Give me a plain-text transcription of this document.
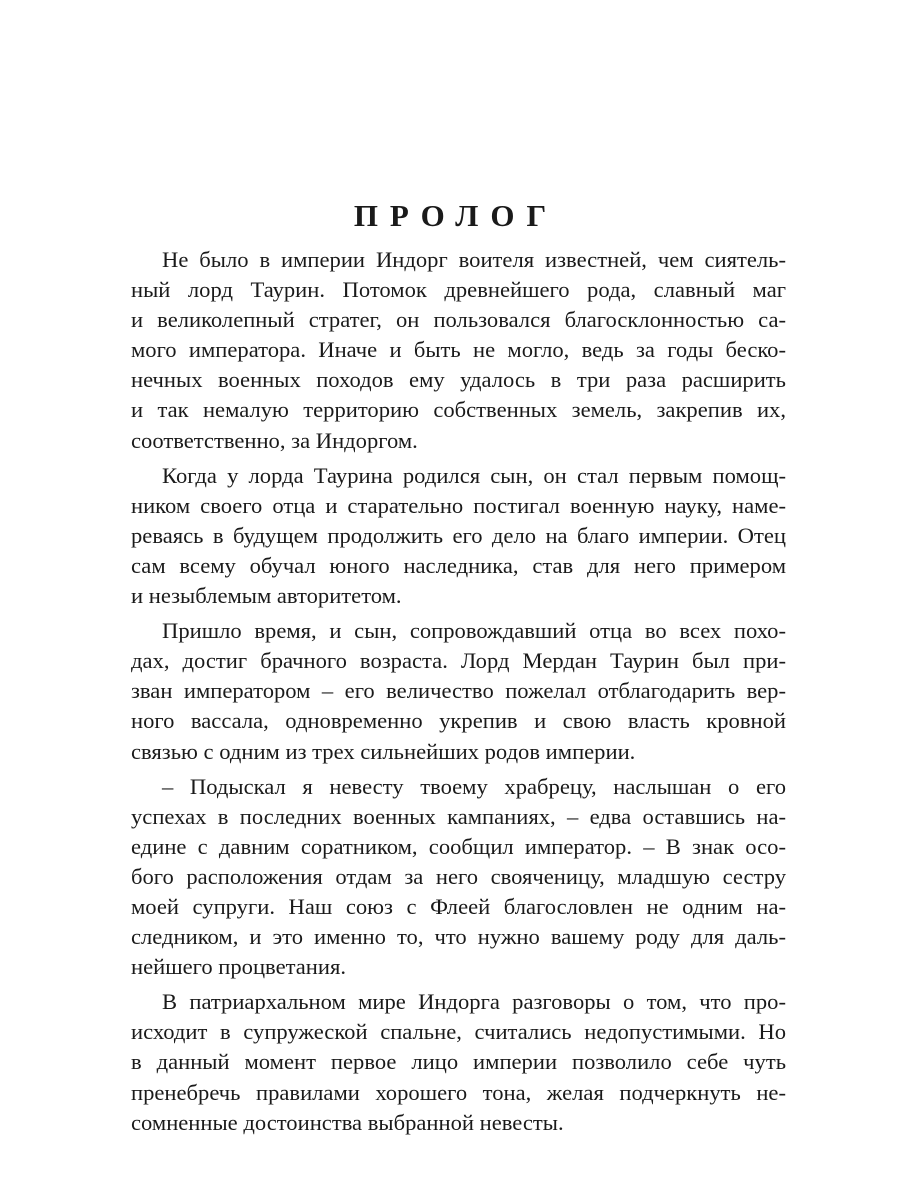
ПРОЛОГ
Не было в империи Индорг воителя известней, чем сиятель-
ный лорд Таурин. Потомок древнейшего рода, славный маг
и великолепный стратег, он пользовался благосклонностью са-
мого императора. Иначе и быть не могло, ведь за годы беско-
нечных военных походов ему удалось в три раза расширить
и так немалую территорию собственных земель, закрепив их,
соответственно, за Индоргом.
Когда у лорда Таурина родился сын, он стал первым помощ-
ником своего отца и старательно постигал военную науку, наме-
реваясь в будущем продолжить его дело на благо империи. Отец
сам всему обучал юного наследника, став для него примером
и незыблемым авторитетом.
Пришло время, и сын, сопровождавший отца во всех похо-
дах, достиг брачного возраста. Лорд Мердан Таурин был при-
зван императором – его величество пожелал отблагодарить вер-
ного вассала, одновременно укрепив и свою власть кровной
связью с одним из трех сильнейших родов империи.
– Подыскал я невесту твоему храбрецу, наслышан о его
успехах в последних военных кампаниях, – едва оставшись на-
едине с давним соратником, сообщил император. – В знак осо-
бого расположения отдам за него свояченицу, младшую сестру
моей супруги. Наш союз с Флеей благословлен не одним на-
следником, и это именно то, что нужно вашему роду для даль-
нейшего процветания.
В патриархальном мире Индорга разговоры о том, что про-
исходит в супружеской спальне, считались недопустимыми. Но
в данный момент первое лицо империи позволило себе чуть
пренебречь правилами хорошего тона, желая подчеркнуть не-
сомненные достоинства выбранной невесты.
